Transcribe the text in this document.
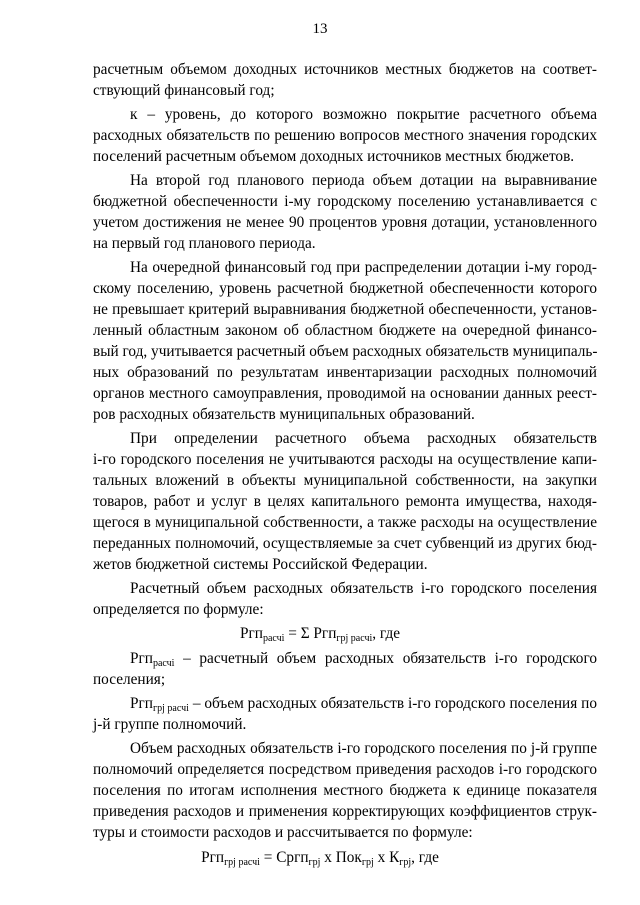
13
расчетным объемом доходных источников местных бюджетов на соответ-
ствующий финансовый год;
к – уровень, до которого возможно покрытие расчетного объема
расходных обязательств по решению вопросов местного значения городских
поселений расчетным объемом доходных источников местных бюджетов.
На второй год планового периода объем дотации на выравнивание
бюджетной обеспеченности i-му городскому поселению устанавливается с
учетом достижения не менее 90 процентов уровня дотации, установленного
на первый год планового периода.
На очередной финансовый год при распределении дотации i-му город-
скому поселению, уровень расчетной бюджетной обеспеченности которого
не превышает критерий выравнивания бюджетной обеспеченности, установ-
ленный областным законом об областном бюджете на очередной финансо-
вый год, учитывается расчетный объем расходных обязательств муниципаль-
ных образований по результатам инвентаризации расходных полномочий
органов местного самоуправления, проводимой на основании данных реест-
ров расходных обязательств муниципальных образований.
При определении расчетного объема расходных обязательств
i-го городского поселения не учитываются расходы на осуществление капи-
тальных вложений в объекты муниципальной собственности, на закупки
товаров, работ и услуг в целях капитального ремонта имущества, находя-
щегося в муниципальной собственности, а также расходы на осуществление
переданных полномочий, осуществляемые за счет субвенций из других бюд-
жетов бюджетной системы Российской Федерации.
Расчетный объем расходных обязательств i-го городского поселения
определяется по формуле:
Ргп$_{расчi}$ = Σ Ргп$_{грj расчi}$, где
Ргп$_{расчi}$ – расчетный объем расходных обязательств i-го городского
поселения;
Ргп$_{грj расчi}$ – объем расходных обязательств i-го городского поселения по
j-й группе полномочий.
Объем расходных обязательств i-го городского поселения по j-й группе
полномочий определяется посредством приведения расходов i-го городского
поселения по итогам исполнения местного бюджета к единице показателя
приведения расходов и применения корректирующих коэффициентов струк-
туры и стоимости расходов и рассчитывается по формуле:
Ргп$_{грj расчi}$ = Сргп$_{грj}$ x Пок$_{грj}$ x $К_{грj}$, где
